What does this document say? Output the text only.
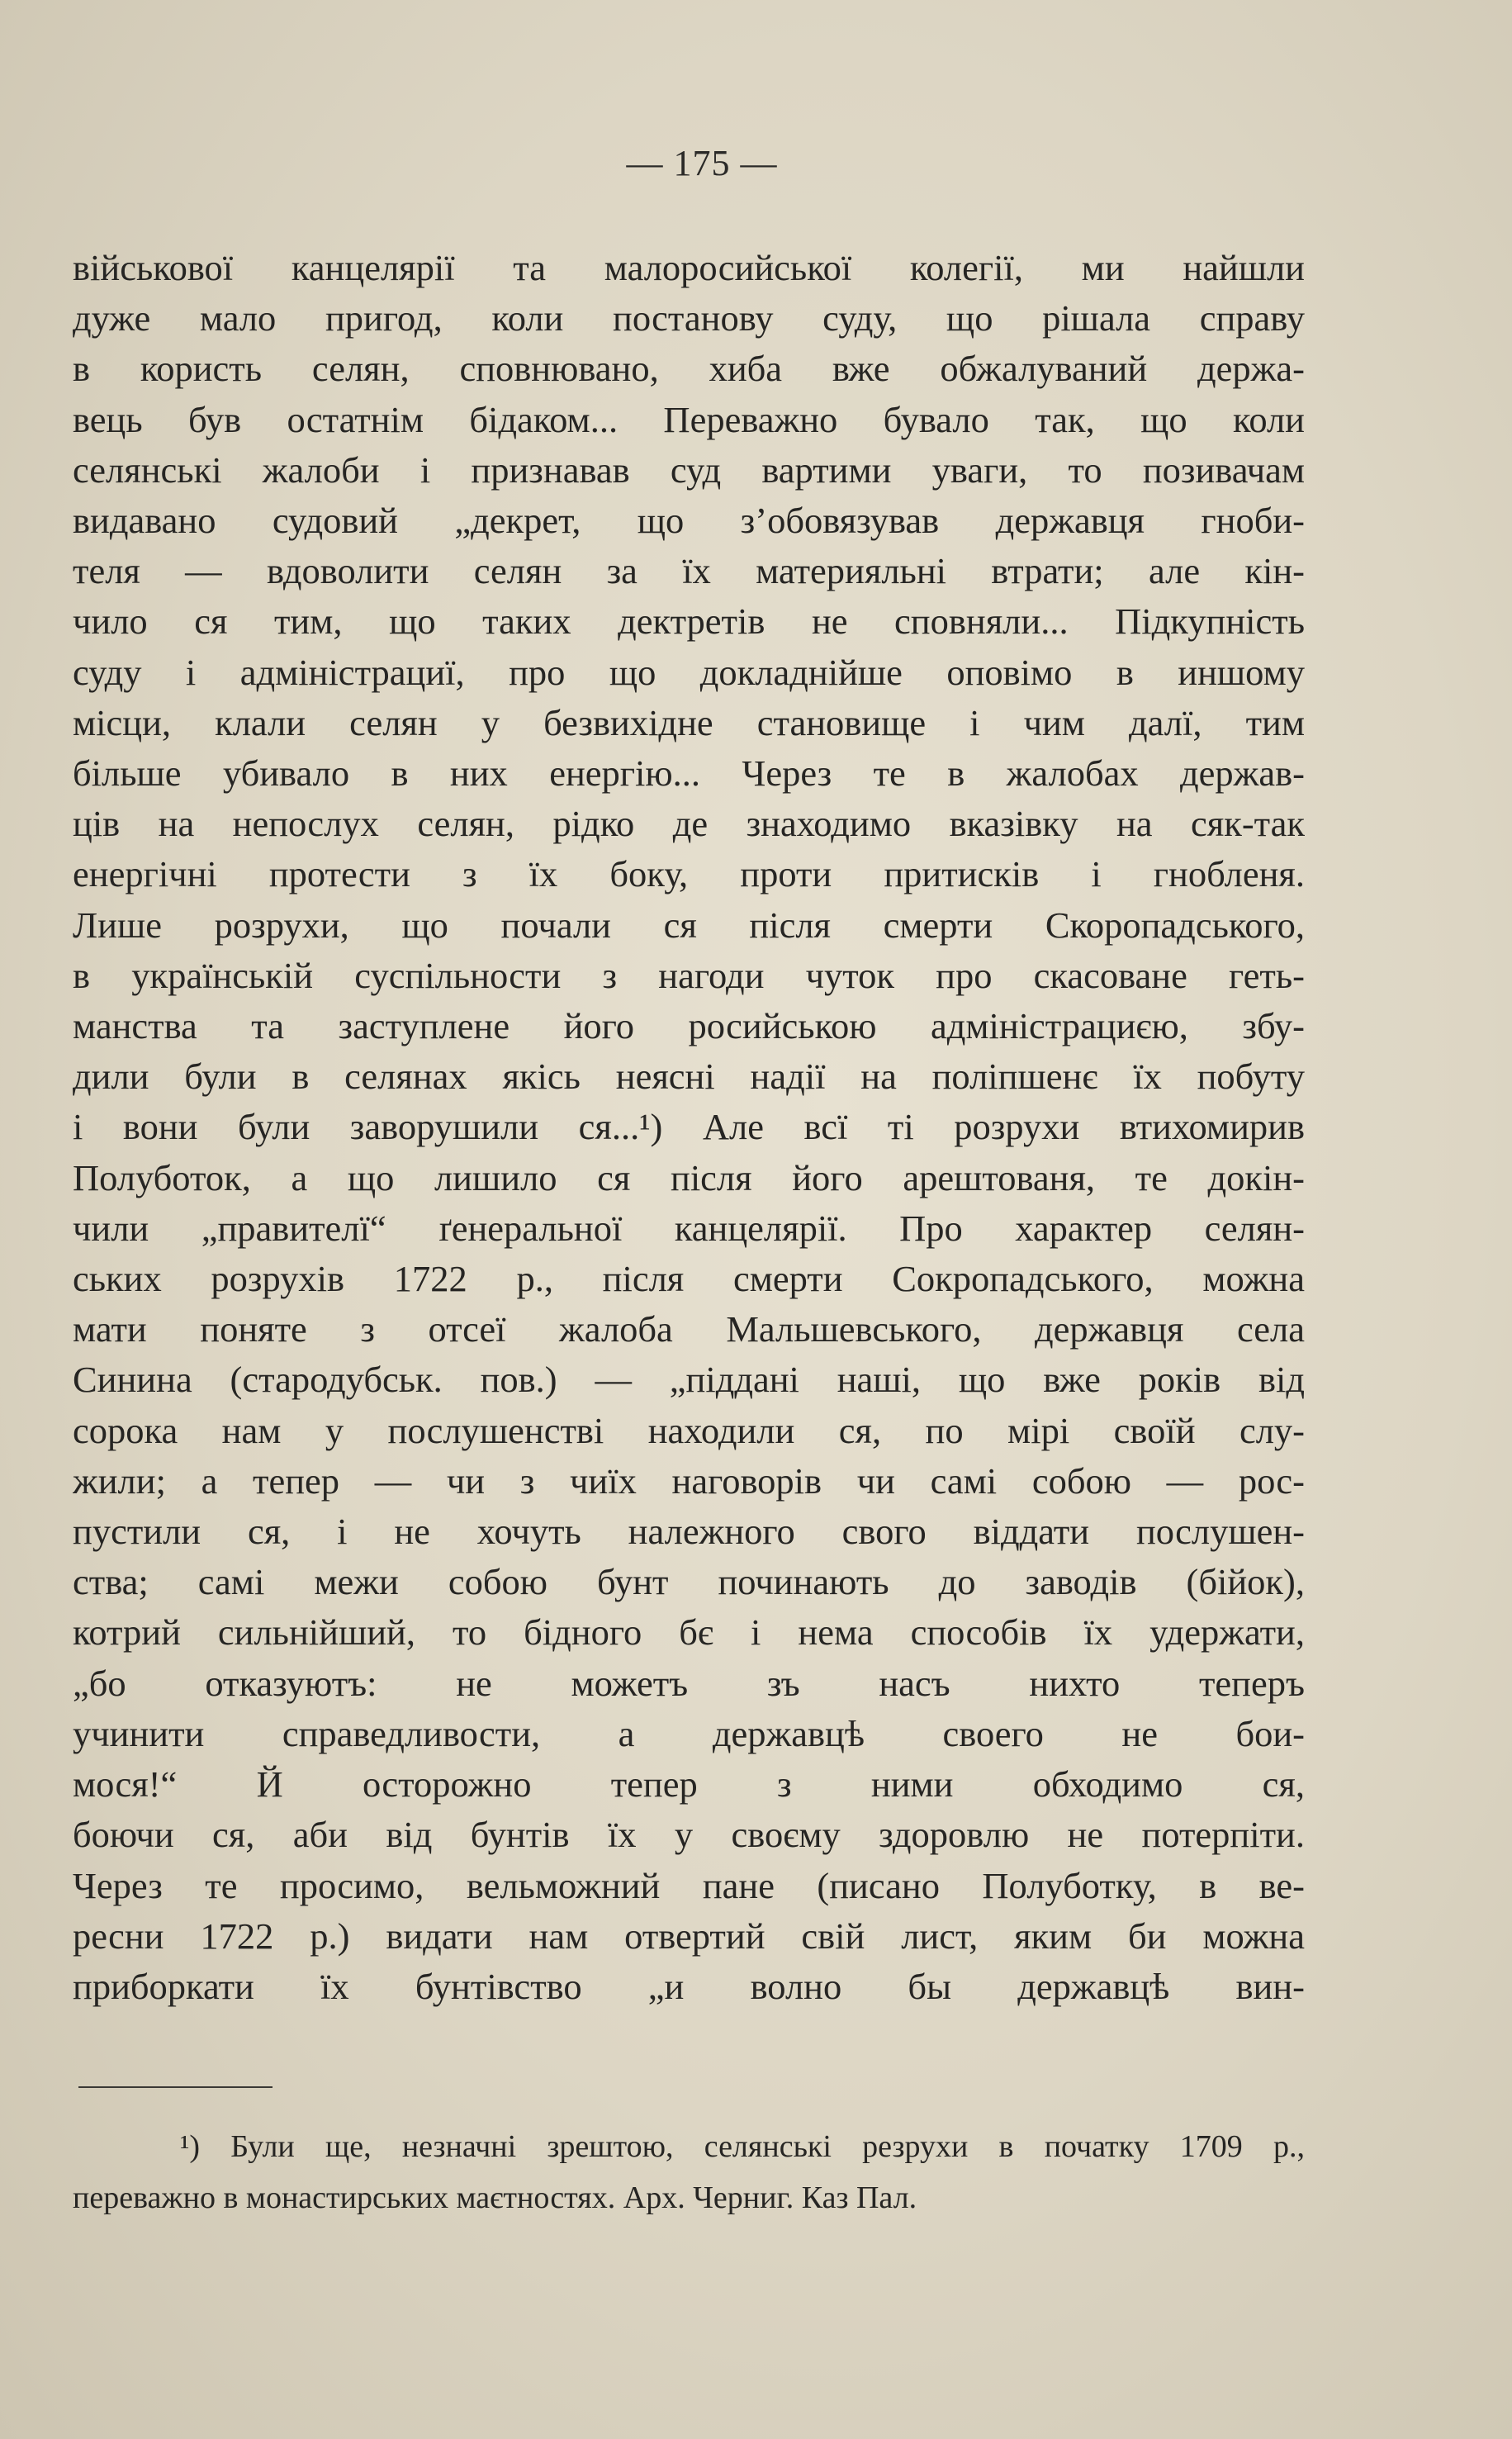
— 175 —
військової канцелярії та малоросийської колегії, ми найшли
дуже мало пригод, коли постанову суду, що рішала справу
в користь селян, сповнювано, хиба вже обжалуваний держа-
вець був остатнім бідаком... Переважно бувало так, що коли
селянські жалоби і признавав суд вартими уваги, то позивачам
видавано судовий „декрет, що з’обовязував державця гноби-
теля — вдоволити селян за їх материяльні втрати; але кін-
чило ся тим, що таких дектретів не сповняли... Підкупність
суду і адміністрациї, про що докладнійше оповімо в иншому
місци, клали селян у безвихідне становище і чим далї, тим
більше убивало в них енергію... Через те в жалобах держав-
ців на непослух селян, рідко де знаходимо вказівку на сяк-так
енергічні протести з їх боку, проти притисків і гнобленя.
Лише розрухи, що почали ся після смерти Скоропадського,
в українській суспільности з нагоди чуток про скасоване геть-
манства та заступлене його росийською адміністрациєю, збу-
дили були в селянах якісь неясні надії на поліпшенє їх побуту
і вони були заворушили ся...¹) Але всї ті розрухи втихомирив
Полуботок, а що лишило ся після його арештованя, те докін-
чили „правителї“ ґенеральної канцелярії. Про характер селян-
ських розрухів 1722 р., після смерти Сокропадського, можна
мати поняте з отсеї жалоба Мальшевського, державця села
Синина (стародубськ. пов.) — „піддані наші, що вже років від
сорока нам у послушенстві находили ся, по мірі своїй слу-
жили; а тепер — чи з чиїх наговорів чи самі собою — рос-
пустили ся, і не хочуть належного свого віддати послушен-
ства; самі межи собою бунт починають до заводів (бійок),
котрий сильнійший, то бідного бє і нема способів їх удержати,
„бо отказуютъ: не можетъ зъ насъ нихто теперъ
учинити справедливости, а державцѣ своего не бои-
мося!“ Й осторожно тепер з ними обходимо ся,
боючи ся, аби від бунтів їх у своєму здоровлю не потерпіти.
Через те просимо, вельможний пане (писано Полуботку, в ве-
ресни 1722 р.) видати нам отвертий свій лист, яким би можна
приборкати їх бунтівство „и волно бы державцѣ вин-
¹) Були ще, незначні зрештою, селянські резрухи в початку 1709 р.,
переважно в монастирських маєтностях. Арх. Черниг. Каз Пал.
